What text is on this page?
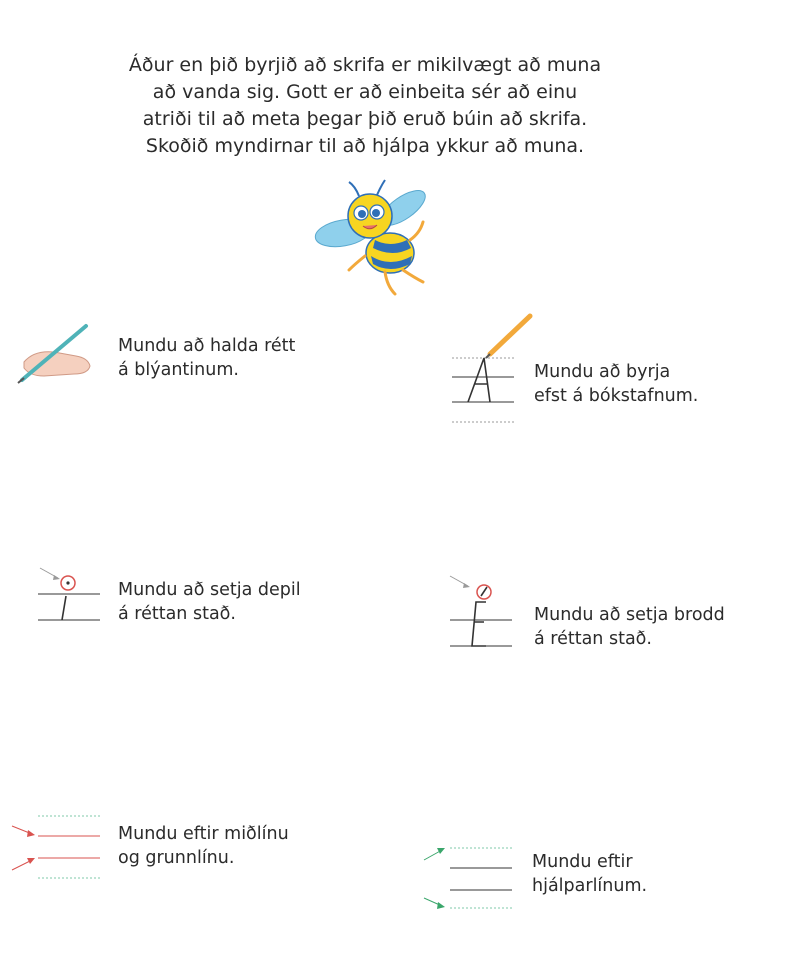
Áður en þið byrjið að skrifa er mikilvægt að muna
að vanda sig. Gott er að einbeita sér að einu
atriði til að meta þegar þið eruð búin að skrifa.
Skoðið myndirnar til að hjálpa ykkur að muna.
Mundu að halda rétt
á blýantinum.	Mundu að byrja
efst á bókstafnum.
Mundu að setja depil
á réttan stað.	Mundu að setja brodd
á réttan stað.
Mundu eftir miðlínu
og grunnlínu.	Mundu eftir
hjálparlínum.
